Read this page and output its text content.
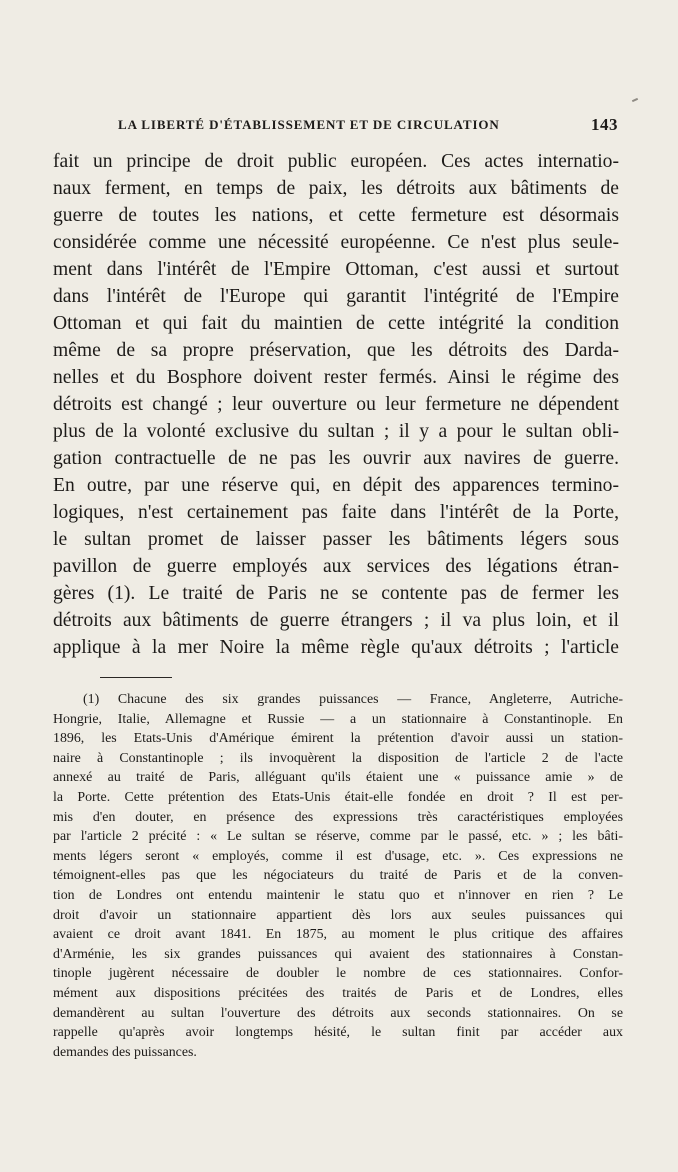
LA LIBERTÉ D'ÉTABLISSEMENT ET DE CIRCULATION	143
fait un principe de droit public européen. Ces actes internatio-
naux ferment, en temps de paix, les détroits aux bâtiments de
guerre de toutes les nations, et cette fermeture est désormais
considérée comme une nécessité européenne. Ce n'est plus seule-
ment dans l'intérêt de l'Empire Ottoman, c'est aussi et surtout
dans l'intérêt de l'Europe qui garantit l'intégrité de l'Empire
Ottoman et qui fait du maintien de cette intégrité la condition
même de sa propre préservation, que les détroits des Darda-
nelles et du Bosphore doivent rester fermés. Ainsi le régime des
détroits est changé ; leur ouverture ou leur fermeture ne dépendent
plus de la volonté exclusive du sultan ; il y a pour le sultan obli-
gation contractuelle de ne pas les ouvrir aux navires de guerre.
En outre, par une réserve qui, en dépit des apparences termino-
logiques, n'est certainement pas faite dans l'intérêt de la Porte,
le sultan promet de laisser passer les bâtiments légers sous
pavillon de guerre employés aux services des légations étran-
gères (1). Le traité de Paris ne se contente pas de fermer les
détroits aux bâtiments de guerre étrangers ; il va plus loin, et il
applique à la mer Noire la même règle qu'aux détroits ; l'article
(1) Chacune des six grandes puissances — France, Angleterre, Autriche-
Hongrie, Italie, Allemagne et Russie — a un stationnaire à Constantinople. En
1896, les Etats-Unis d'Amérique émirent la prétention d'avoir aussi un station-
naire à Constantinople ; ils invoquèrent la disposition de l'article 2 de l'acte
annexé au traité de Paris, alléguant qu'ils étaient une « puissance amie » de
la Porte. Cette prétention des Etats-Unis était-elle fondée en droit ? Il est per-
mis d'en douter, en présence des expressions très caractéristiques employées
par l'article 2 précité : « Le sultan se réserve, comme par le passé, etc. » ; les bâti-
ments légers seront « employés, comme il est d'usage, etc. ». Ces expressions ne
témoignent-elles pas que les négociateurs du traité de Paris et de la conven-
tion de Londres ont entendu maintenir le statu quo et n'innover en rien ? Le
droit d'avoir un stationnaire appartient dès lors aux seules puissances qui
avaient ce droit avant 1841. En 1875, au moment le plus critique des affaires
d'Arménie, les six grandes puissances qui avaient des stationnaires à Constan-
tinople jugèrent nécessaire de doubler le nombre de ces stationnaires. Confor-
mément aux dispositions précitées des traités de Paris et de Londres, elles
demandèrent au sultan l'ouverture des détroits aux seconds stationnaires. On se
rappelle qu'après avoir longtemps hésité, le sultan finit par accéder aux
demandes des puissances.
